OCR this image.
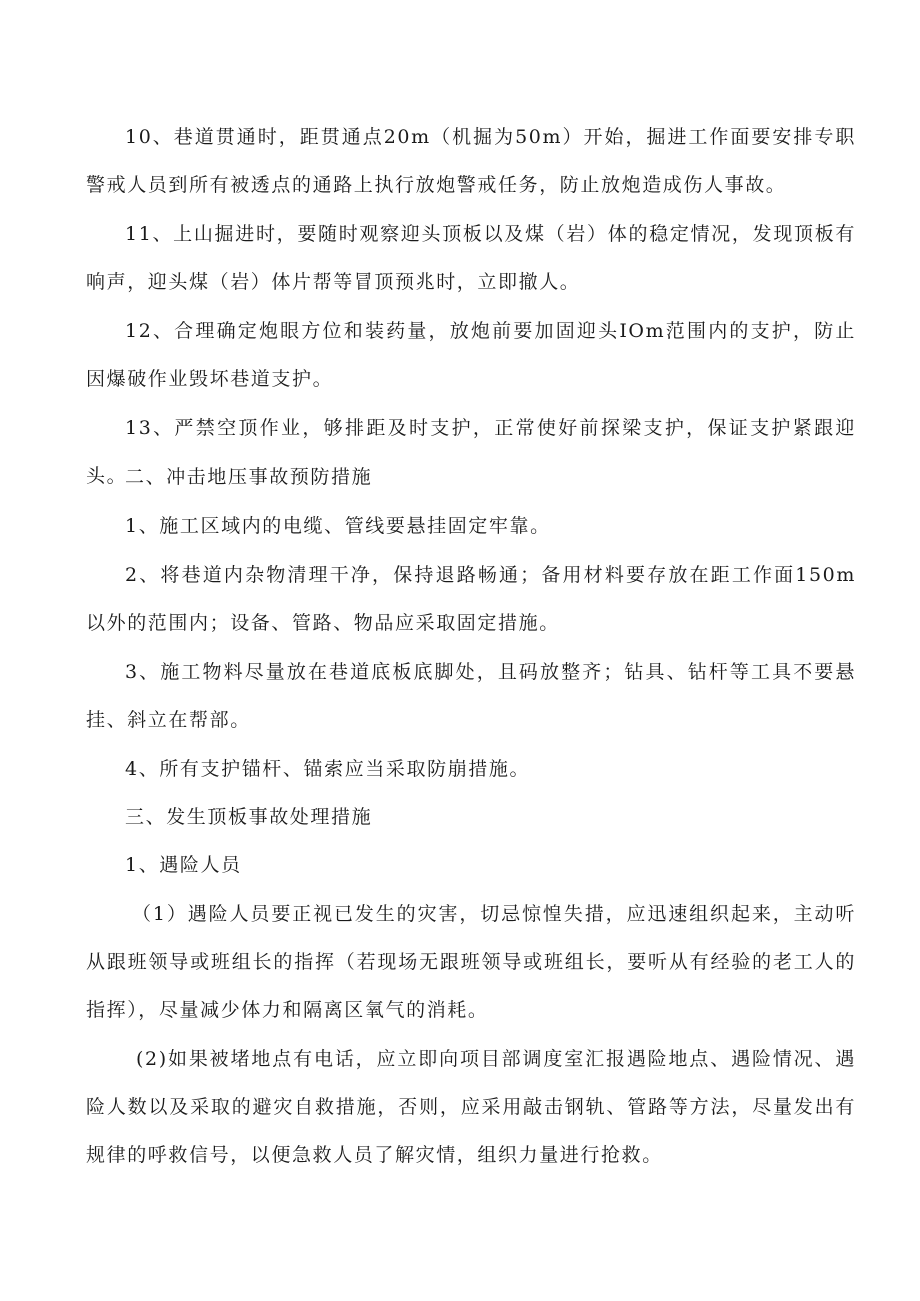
10、巷道贯通时，距贯通点20m（机掘为50m）开始，掘进工作面要安排专职警戒人员到所有被透点的通路上执行放炮警戒任务，防止放炮造成伤人事故。

11、上山掘进时，要随时观察迎头顶板以及煤（岩）体的稳定情况，发现顶板有响声，迎头煤（岩）体片帮等冒顶预兆时，立即撤人。

12、合理确定炮眼方位和装药量，放炮前要加固迎头IOm范围内的支护，防止因爆破作业毁坏巷道支护。

13、严禁空顶作业，够排距及时支护，正常使好前探梁支护，保证支护紧跟迎头。

二、冲击地压事故预防措施

1、施工区域内的电缆、管线要悬挂固定牢靠。

2、将巷道内杂物清理干净，保持退路畅通；备用材料要存放在距工作面150m以外的范围内；设备、管路、物品应采取固定措施。

3、施工物料尽量放在巷道底板底脚处，且码放整齐；钻具、钻杆等工具不要悬挂、斜立在帮部。

4、所有支护锚杆、锚索应当采取防崩措施。

三、发生顶板事故处理措施

1、遇险人员

（1）遇险人员要正视已发生的灾害，切忌惊惶失措，应迅速组织起来，主动听从跟班领导或班组长的指挥（若现场无跟班领导或班组长，要听从有经验的老工人的指挥），尽量减少体力和隔离区氧气的消耗。

(2)如果被堵地点有电话，应立即向项目部调度室汇报遇险地点、遇险情况、遇险人数以及采取的避灾自救措施，否则，应采用敲击钢轨、管路等方法，尽量发出有规律的呼救信号，以便急救人员了解灾情，组织力量进行抢救。
